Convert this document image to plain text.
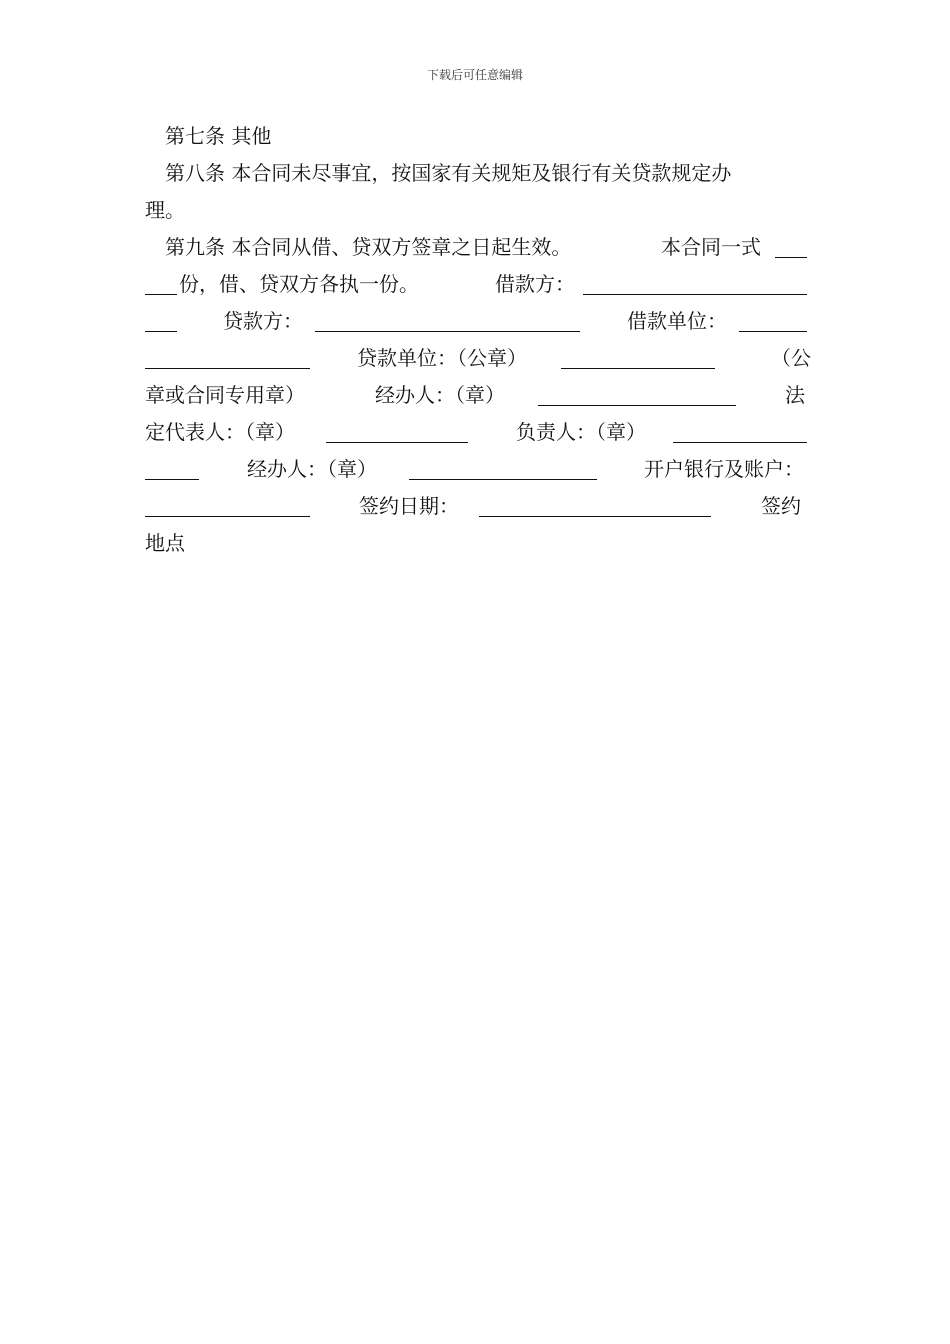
下载后可任意编辑
第七条 其他
第八条 本合同未尽事宜，按国家有关规矩及银行有关贷款规定办
理。
第九条 本合同从借、贷双方签章之日起生效。	本合同一式
份，借、贷双方各执一份。	借款方：
贷款方：	借款单位：
贷款单位：（公章）	（公
章或合同专用章）	经办人：（章）	法
定代表人：（章）	负责人：（章）
经办人：（章）	开户银行及账户：
签约日期：	签约
地点
